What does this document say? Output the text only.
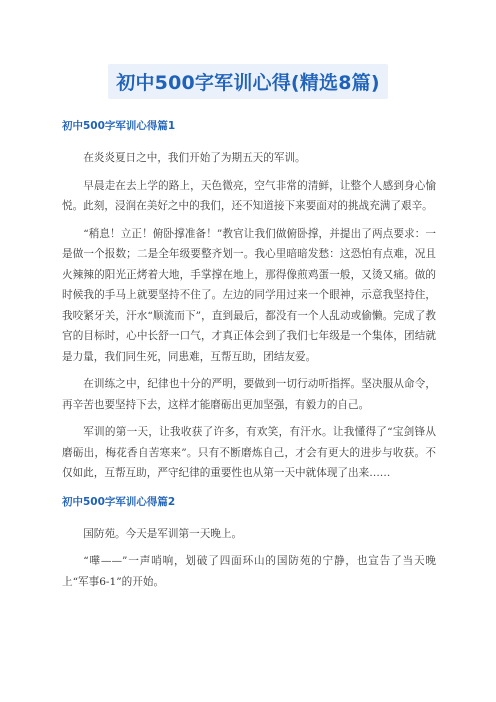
初中500字军训心得(精选8篇)
初中500字军训心得篇1

在炎炎夏日之中，我们开始了为期五天的军训。

早晨走在去上学的路上，天色微亮，空气非常的清鲜，让整个人感到身心愉悦。此刻，浸润在美好之中的我们，还不知道接下来要面对的挑战充满了艰辛。

“稍息！立正！俯卧撑准备！”教官让我们做俯卧撑，并提出了两点要求：一是做一个报数；二是全年级要整齐划一。我心里暗暗发愁：这恐怕有点难，况且火辣辣的阳光正烤着大地，手掌撑在地上，那得像煎鸡蛋一般，又烫又痛。做的时候我的手马上就要坚持不住了。左边的同学用过来一个眼神，示意我坚持住，我咬紧牙关，汗水“顺流而下”，直到最后，都没有一个人乱动或偷懒。完成了教官的目标时，心中长舒一口气，才真正体会到了我们七年级是一个集体，团结就是力量，我们同生死，同患难，互帮互助，团结友爱。

在训练之中，纪律也十分的严明，要做到一切行动听指挥。坚决服从命令，再辛苦也要坚持下去，这样才能磨砺出更加坚强，有毅力的自己。

军训的第一天，让我收获了许多，有欢笑，有汗水。让我懂得了“宝剑锋从磨砺出，梅花香自苦寒来”。只有不断磨炼自己，才会有更大的进步与收获。不仅如此，互帮互助，严守纪律的重要性也从第一天中就体现了出来……

初中500字军训心得篇2

国防苑。今天是军训第一天晚上。

“嘩——”一声哨响，划破了四面环山的国防苑的宁静，也宣告了当天晚上“军事6-1”的开始。
